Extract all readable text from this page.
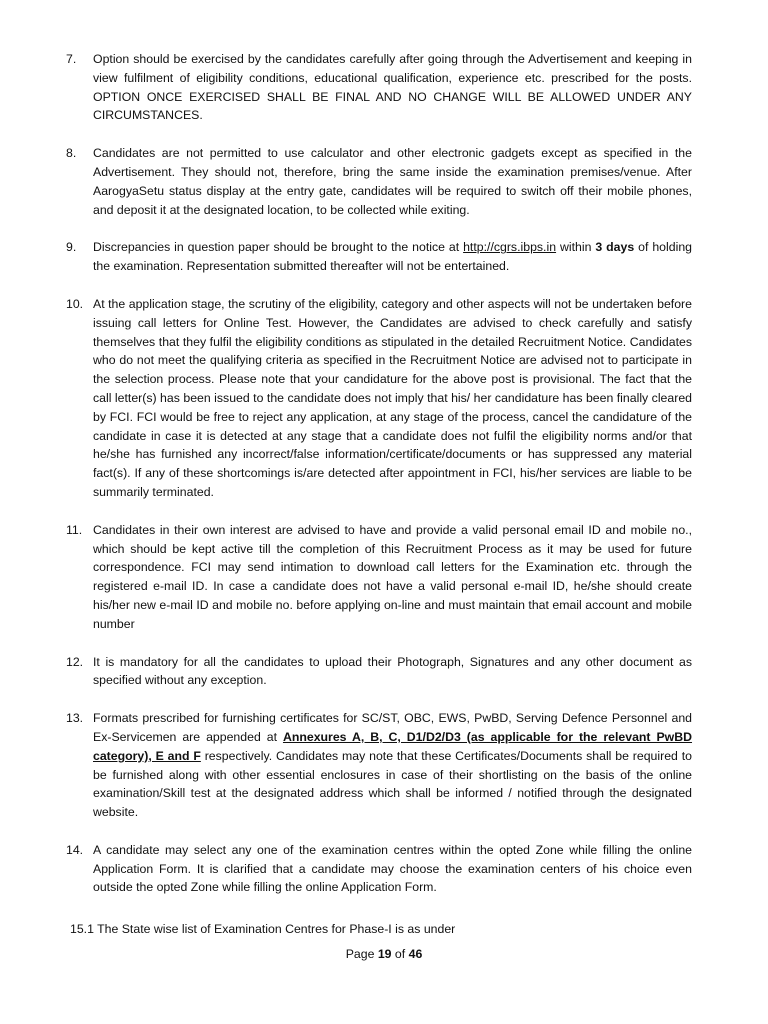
7.	Option should be exercised by the candidates carefully after going through the Advertisement and keeping in view fulfilment of eligibility conditions, educational qualification, experience etc. prescribed for the posts. OPTION ONCE EXERCISED SHALL BE FINAL AND NO CHANGE WILL BE ALLOWED UNDER ANY CIRCUMSTANCES.
8.	Candidates are not permitted to use calculator and other electronic gadgets except as specified in the Advertisement. They should not, therefore, bring the same inside the examination premises/venue. After AarogyaSetu status display at the entry gate, candidates will be required to switch off their mobile phones, and deposit it at the designated location, to be collected while exiting.
9.	Discrepancies in question paper should be brought to the notice at http://cgrs.ibps.in within 3 days of holding the examination. Representation submitted thereafter will not be entertained.
10. At the application stage, the scrutiny of the eligibility, category and other aspects will not be undertaken before issuing call letters for Online Test. However, the Candidates are advised to check carefully and satisfy themselves that they fulfil the eligibility conditions as stipulated in the detailed Recruitment Notice. Candidates who do not meet the qualifying criteria as specified in the Recruitment Notice are advised not to participate in the selection process. Please note that your candidature for the above post is provisional. The fact that the call letter(s) has been issued to the candidate does not imply that his/ her candidature has been finally cleared by FCI. FCI would be free to reject any application, at any stage of the process, cancel the candidature of the candidate in case it is detected at any stage that a candidate does not fulfil the eligibility norms and/or that he/she has furnished any incorrect/false information/certificate/documents or has suppressed any material fact(s). If any of these shortcomings is/are detected after appointment in FCI, his/her services are liable to be summarily terminated.
11. Candidates in their own interest are advised to have and provide a valid personal email ID and mobile no., which should be kept active till the completion of this Recruitment Process as it may be used for future correspondence. FCI may send intimation to download call letters for the Examination etc. through the registered e-mail ID. In case a candidate does not have a valid personal e-mail ID, he/she should create his/her new e-mail ID and mobile no. before applying on-line and must maintain that email account and mobile number
12. It is mandatory for all the candidates to upload their Photograph, Signatures and any other document as specified without any exception.
13. Formats prescribed for furnishing certificates for SC/ST, OBC, EWS, PwBD, Serving Defence Personnel and Ex-Servicemen are appended at Annexures A, B, C, D1/D2/D3 (as applicable for the relevant PwBD category), E and F respectively. Candidates may note that these Certificates/Documents shall be required to be furnished along with other essential enclosures in case of their shortlisting on the basis of the online examination/Skill test at the designated address which shall be informed / notified through the designated website.
14. A candidate may select any one of the examination centres within the opted Zone while filling the online Application Form. It is clarified that a candidate may choose the examination centers of his choice even outside the opted Zone while filling the online Application Form.
15.1 The State wise list of Examination Centres for Phase-I is as under
Page 19 of 46
